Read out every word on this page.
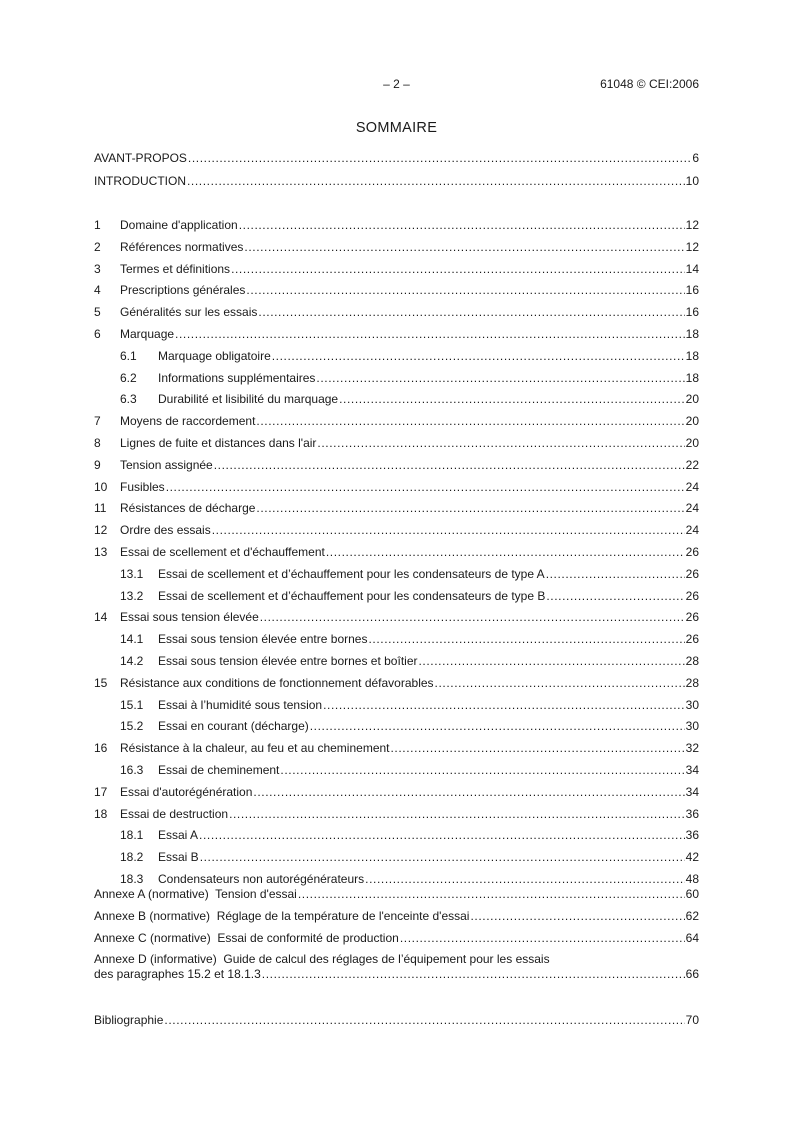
– 2 –	61048 © CEI:2006
SOMMAIRE
AVANT-PROPOS .....	6
INTRODUCTION .....	10
1	Domaine d'application .....	12
2	Références normatives .....	12
3	Termes et définitions .....	14
4	Prescriptions générales .....	16
5	Généralités sur les essais .....	16
6	Marquage .....	18
6.1	Marquage obligatoire .....	18
6.2	Informations supplémentaires .....	18
6.3	Durabilité et lisibilité du marquage .....	20
7	Moyens de raccordement .....	20
8	Lignes de fuite et distances dans l'air .....	20
9	Tension assignée .....	22
10	Fusibles .....	24
11	Résistances de décharge .....	24
12	Ordre des essais .....	24
13	Essai de scellement et d'échauffement .....	26
13.1	Essai de scellement et d’échauffement pour les condensateurs de type A .....	26
13.2	Essai de scellement et d’échauffement pour les condensateurs de type B .....	26
14	Essai sous tension élevée .....	26
14.1	Essai sous tension élevée entre bornes .....	26
14.2	Essai sous tension élevée entre bornes et boîtier .....	28
15	Résistance aux conditions de fonctionnement défavorables .....	28
15.1	Essai à l’humidité sous tension .....	30
15.2	Essai en courant (décharge) .....	30
16	Résistance à la chaleur, au feu et au cheminement .....	32
16.3	Essai de cheminement .....	34
17	Essai d'autorégénération .....	34
18	Essai de destruction .....	36
18.1	Essai A .....	36
18.2	Essai B .....	42
18.3	Condensateurs non autorégénérateurs .....	48
Annexe A (normative)  Tension d'essai .....	60
Annexe B (normative)  Réglage de la température de l'enceinte d'essai .....	62
Annexe C (normative)  Essai de conformité de production .....	64
Annexe D (informative)  Guide de calcul des réglages de l’équipement pour les essais
des paragraphes 15.2 et 18.1.3 .....	66
Bibliographie .....	70
